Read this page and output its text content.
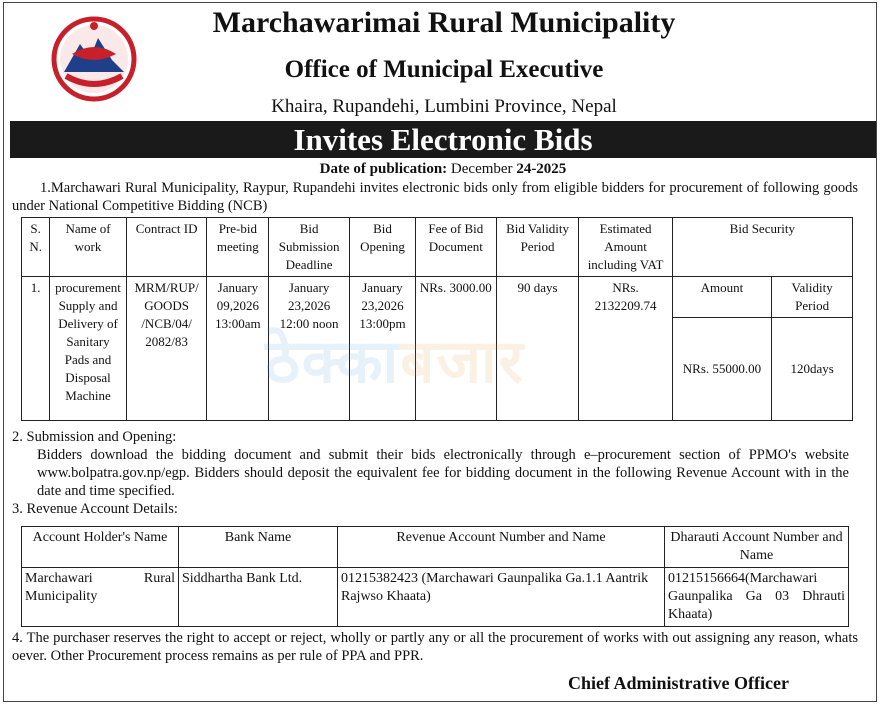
Marchawarimai Rural Municipality
Office of Municipal Executive
Khaira, Rupandehi, Lumbini Province, Nepal
Invites Electronic Bids
Date of publication: December 24-2025
1.Marchawari Rural Municipality, Raypur, Rupandehi invites electronic bids only from eligible bidders for procurement of following goods under National Competitive Bidding (NCB)
S. N.	Name of work	Contract ID	Pre-bid meeting	Bid Submission Deadline	Bid Opening	Fee of Bid Document	Bid Validity Period	Estimated Amount including VAT	Bid Security	

1.	procurement Supply and Delivery of Sanitary Pads and Disposal Machine	MRM/RUP/ GOODS /NCB/04/ 2082/83	January 09,2026 13:00am	January 23,2026 12:00 noon	January 23,2026 13:00pm	NRs. 3000.00	90 days	NRs. 2132209.74	Amount	Validity Period
									NRs. 55000.00	120days
ठेक्काबजार
2. Submission and Opening:
Bidders download the bidding document and submit their bids electronically through e–procurement section of PPMO's website www.bolpatra.gov.np/egp. Bidders should deposit the equivalent fee for bidding document in the following Revenue Account with in the date and time specified.
3. Revenue Account Details:
Account Holder's Name	Bank Name	Revenue Account Number and Name	Dharauti Account Number and Name
Marchawari Rural Municipality	Siddhartha Bank Ltd.	01215382423 (Marchawari Gaunpalika Ga.1.1 Aantrik Rajwso Khaata)	01215156664(Marchawari Gaunpalika Ga 03 Dhrauti Khaata)
4. The purchaser reserves the right to accept or reject, wholly or partly any or all the procurement of works with out assigning any reason, whats oever. Other Procurement process remains as per rule of PPA and PPR.
Chief Administrative Officer
